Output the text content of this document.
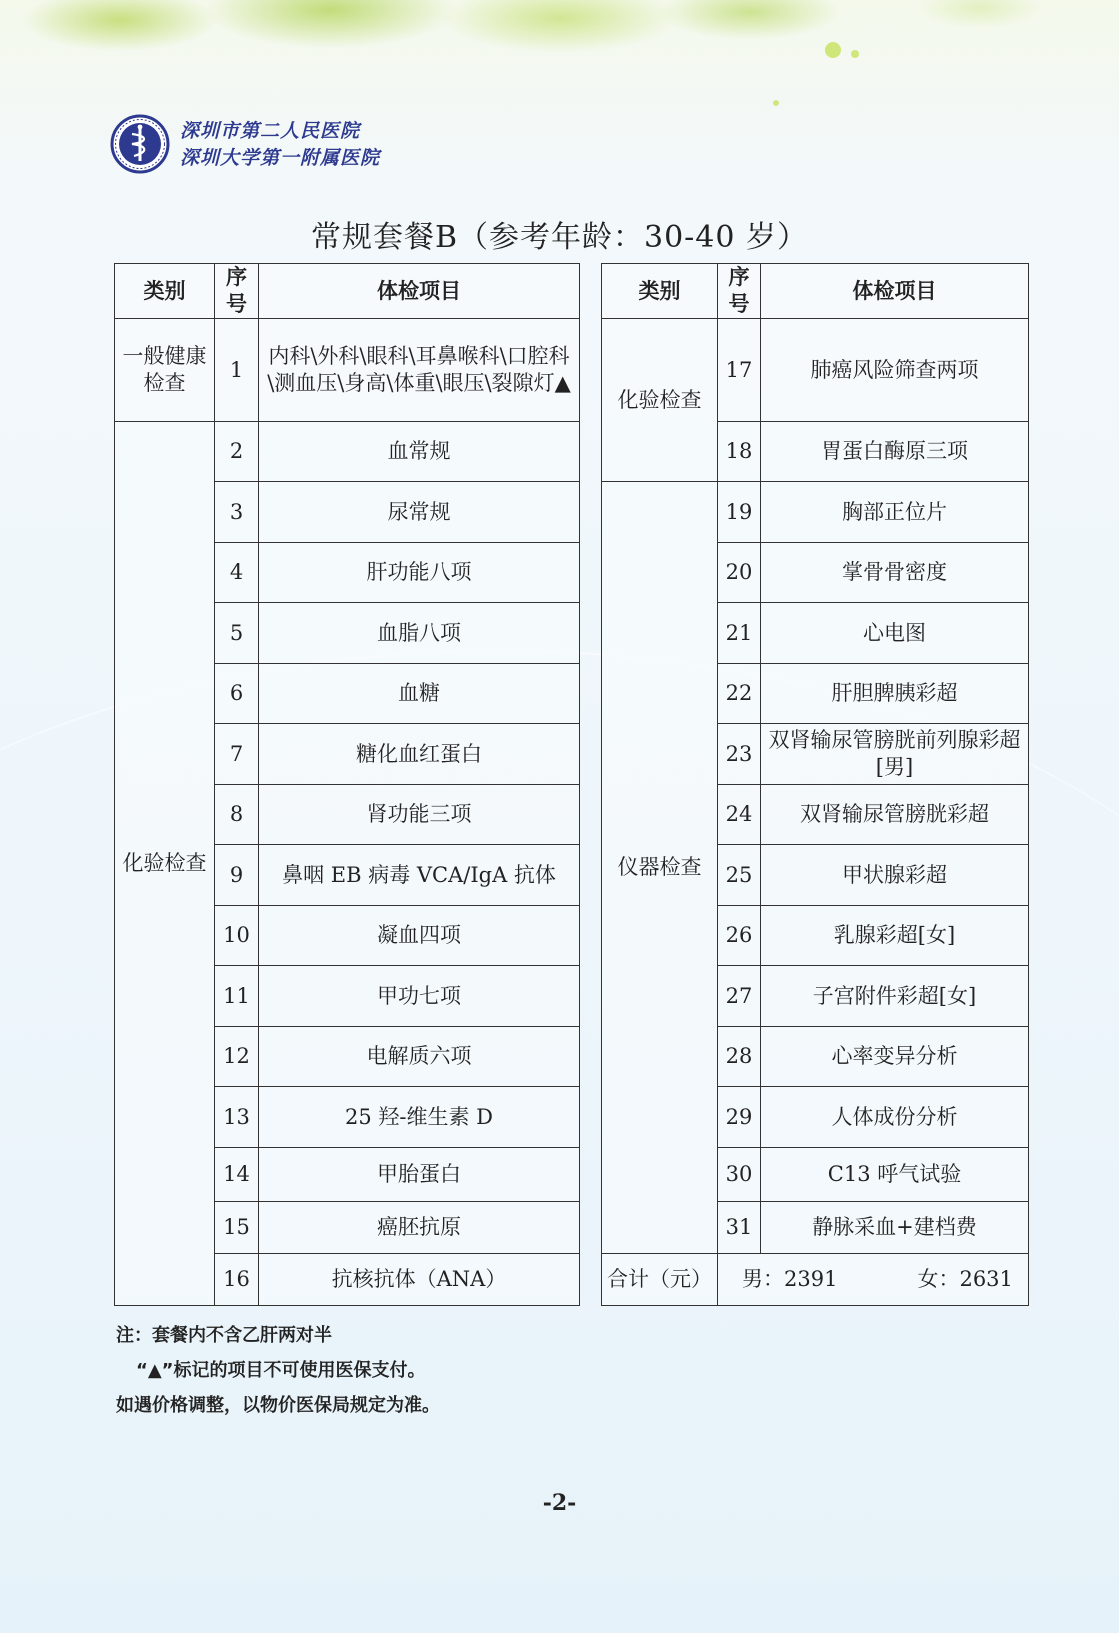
深圳市第二人民医院
深圳大学第一附属医院
常规套餐B（参考年龄：30-40 岁）
类别	序号	体检项目
一般健康检查	1	内科\外科\眼科\耳鼻喉科\口腔科\测血压\身高\体重\眼压\裂隙灯▲
化验检查	2	血常规
	3	尿常规
	4	肝功能八项
	5	血脂八项
	6	血糖
	7	糖化血红蛋白
	8	肾功能三项
	9	鼻咽 EB 病毒 VCA/IgA 抗体
	10	凝血四项
	11	甲功七项
	12	电解质六项
	13	25 羟-维生素 D
	14	甲胎蛋白
	15	癌胚抗原
	16	抗核抗体（ANA）
类别	序号	体检项目
化验检查	17	肺癌风险筛查两项
	18	胃蛋白酶原三项
仪器检查	19	胸部正位片
	20	掌骨骨密度
	21	心电图
	22	肝胆脾胰彩超
	23	双肾输尿管膀胱前列腺彩超[男]
	24	双肾输尿管膀胱彩超
	25	甲状腺彩超
	26	乳腺彩超[女]
	27	子宫附件彩超[女]
	28	心率变异分析
	29	人体成份分析
	30	C13 呼气试验
	31	静脉采血+建档费
合计（元）	男：2391 女：2631	
注：套餐内不含乙肝两对半
“▲”标记的项目不可使用医保支付。
如遇价格调整，以物价医保局规定为准。
-2-
